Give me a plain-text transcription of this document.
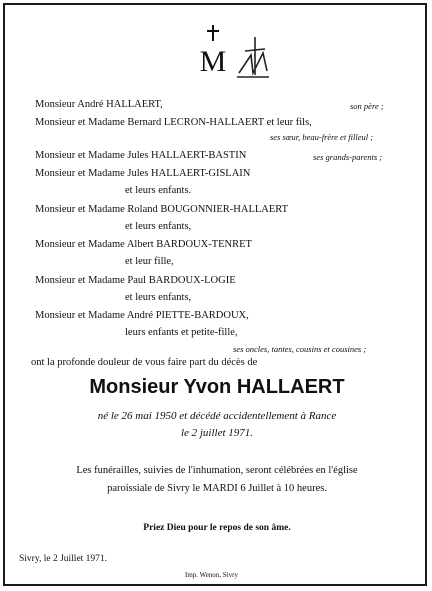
M
Monsieur André HALLAERT,	son père ;
Monsieur et Madame Bernard LECRON-HALLAERT et leur fils,
ses sœur, beau-frère et filleul ;
Monsieur et Madame Jules HALLAERT-BASTIN	ses grands-parents ;
Monsieur et Madame Jules HALLAERT-GISLAIN
et leurs enfants.
Monsieur et Madame Roland BOUGONNIER-HALLAERT
et leurs enfants,
Monsieur et Madame Albert BARDOUX-TENRET
et leur fille,
Monsieur et Madame Paul BARDOUX-LOGIE
et leurs enfants,
Monsieur et Madame André PIETTE-BARDOUX,
leurs enfants et petite-fille,
ses oncles, tantes, cousins et cousines ;
ont la profonde douleur de vous faire part du décès de
Monsieur Yvon HALLAERT
né le 26 mai 1950 et décédé accidentellement à Rance
le 2 juillet 1971.
Les funérailles, suivies de l'inhumation, seront célébrées en l'église
paroissiale de Sivry le MARDI 6 Juillet à 10 heures.
Priez Dieu pour le repos de son âme.
Sivry, le 2 Juillet 1971.
Imp. Wenon, Sivry
